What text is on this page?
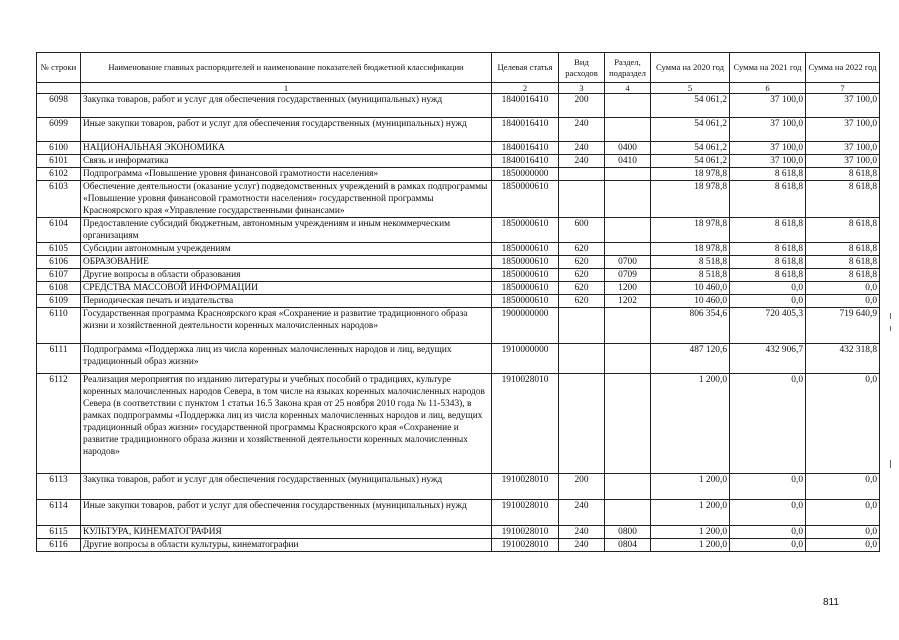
№ строки	Наименование главных распорядителей и наименование показателей бюджетной классификации	Целевая статья	Вид расходов	Раздел, подраздел	Сумма на 2020 год	Сумма на 2021 год	Сумма на 2022 год
	1	2	3	4	5	6	7
6098	Закупка товаров, работ и услуг для обеспечения государственных (муниципальных) нужд	1840016410	200		54 061,2	37 100,0	37 100,0
6099	Иные закупки товаров, работ и услуг для обеспечения государственных (муниципальных) нужд	1840016410	240		54 061,2	37 100,0	37 100,0
6100	НАЦИОНАЛЬНАЯ ЭКОНОМИКА	1840016410	240	0400	54 061,2	37 100,0	37 100,0
6101	Связь и информатика	1840016410	240	0410	54 061,2	37 100,0	37 100,0
6102	Подпрограмма «Повышение уровня финансовой грамотности населения»	1850000000			18 978,8	8 618,8	8 618,8
6103	Обеспечение деятельности (оказание услуг) подведомственных учреждений в рамках подпрограммы «Повышение уровня финансовой грамотности населения» государственной программы Красноярского края «Управление государственными финансами»	1850000610			18 978,8	8 618,8	8 618,8
6104	Предоставление субсидий бюджетным, автономным учреждениям и иным некоммерческим организациям	1850000610	600		18 978,8	8 618,8	8 618,8
6105	Субсидии автономным учреждениям	1850000610	620		18 978,8	8 618,8	8 618,8
6106	ОБРАЗОВАНИЕ	1850000610	620	0700	8 518,8	8 618,8	8 618,8
6107	Другие вопросы в области образования	1850000610	620	0709	8 518,8	8 618,8	8 618,8
6108	СРЕДСТВА МАССОВОЙ ИНФОРМАЦИИ	1850000610	620	1200	10 460,0	0,0	0,0
6109	Периодическая печать и издательства	1850000610	620	1202	10 460,0	0,0	0,0
6110	Государственная программа Красноярского края «Сохранение и развитие традиционного образа жизни и хозяйственной деятельности коренных малочисленных народов»	1900000000			806 354,6	720 405,3	719 640,9
6111	Подпрограмма «Поддержка лиц из числа коренных малочисленных народов и лиц, ведущих традиционный образ жизни»	1910000000			487 120,6	432 906,7	432 318,8
6112	Реализация мероприятия по изданию литературы и учебных пособий о традициях, культуре коренных малочисленных народов Севера, в том числе на языках коренных малочисленных народов Севера (в соответствии с пунктом 1 статьи 16.5 Закона края от 25 ноября 2010 года № 11-5343), в рамках подпрограммы «Поддержка лиц из числа коренных малочисленных народов и лиц, ведущих традиционный образ жизни» государственной программы Красноярского края «Сохранение и развитие традиционного образа жизни и хозяйственной деятельности коренных малочисленных народов»	1910028010			1 200,0	0,0	0,0
6113	Закупка товаров, работ и услуг для обеспечения государственных (муниципальных) нужд	1910028010	200		1 200,0	0,0	0,0
6114	Иные закупки товаров, работ и услуг для обеспечения государственных (муниципальных) нужд	1910028010	240		1 200,0	0,0	0,0
6115	КУЛЬТУРА, КИНЕМАТОГРАФИЯ	1910028010	240	0800	1 200,0	0,0	0,0
6116	Другие вопросы в области культуры, кинематографии	1910028010	240	0804	1 200,0	0,0	0,0
811
